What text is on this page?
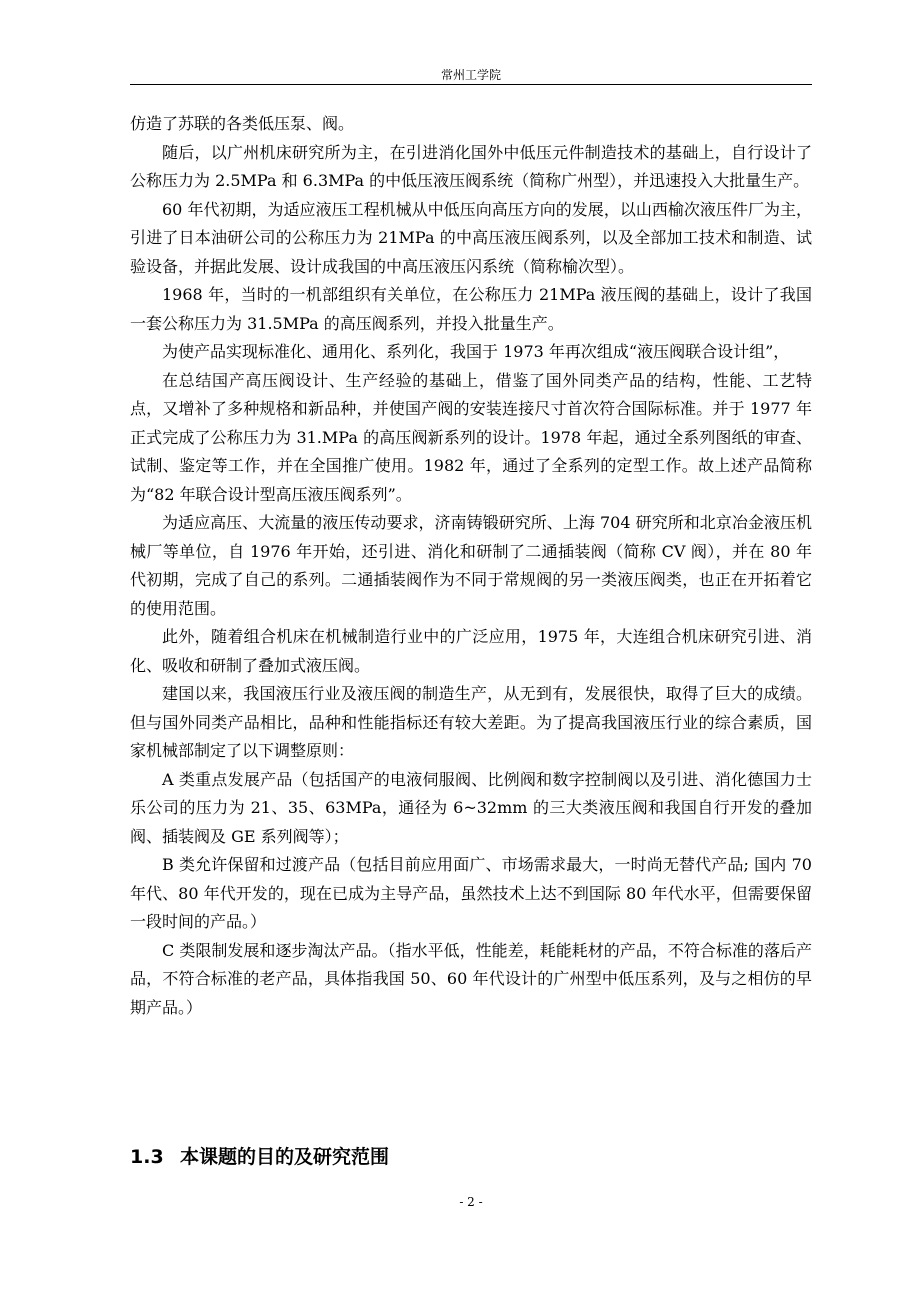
常州工学院

仿造了苏联的各类低压泵、阀。

随后，以广州机床研究所为主，在引进消化国外中低压元件制造技术的基础上，自行设计了公称压力为 2.5MPa 和 6.3MPa 的中低压液压阀系统（简称广州型），并迅速投入大批量生产。

60 年代初期，为适应液压工程机械从中低压向高压方向的发展，以山西榆次液压件厂为主，引进了日本油研公司的公称压力为 21MPa 的中高压液压阀系列，以及全部加工技术和制造、试验设备，并据此发展、设计成我国的中高压液压闪系统（简称榆次型）。

1968 年，当时的一机部组织有关单位，在公称压力 21MPa 液压阀的基础上，设计了我国一套公称压力为 31.5MPa 的高压阀系列，并投入批量生产。

为使产品实现标准化、通用化、系列化，我国于 1973 年再次组成“液压阀联合设计组”，

在总结国产高压阀设计、生产经验的基础上，借鉴了国外同类产品的结构，性能、工艺特点，又增补了多种规格和新品种，并使国产阀的安装连接尺寸首次符合国际标准。并于 1977 年正式完成了公称压力为 31.MPa 的高压阀新系列的设计。1978 年起，通过全系列图纸的审查、试制、鉴定等工作，并在全国推广使用。1982 年，通过了全系列的定型工作。故上述产品简称为“82 年联合设计型高压液压阀系列”。

为适应高压、大流量的液压传动要求，济南铸锻研究所、上海 704 研究所和北京冶金液压机械厂等单位，自 1976 年开始，还引进、消化和研制了二通插装阀（简称 CV 阀），并在 80 年代初期，完成了自己的系列。二通插装阀作为不同于常规阀的另一类液压阀类，也正在开拓着它的使用范围。

此外，随着组合机床在机械制造行业中的广泛应用，1975 年，大连组合机床研究引进、消化、吸收和研制了叠加式液压阀。

建国以来，我国液压行业及液压阀的制造生产，从无到有，发展很快，取得了巨大的成绩。但与国外同类产品相比，品种和性能指标还有较大差距。为了提高我国液压行业的综合素质，国家机械部制定了以下调整原则：

A 类重点发展产品（包括国产的电液伺服阀、比例阀和数字控制阀以及引进、消化德国力士乐公司的压力为 21、35、63MPa，通径为 6~32mm 的三大类液压阀和我国自行开发的叠加阀、插装阀及 GE 系列阀等）；

B 类允许保留和过渡产品（包括目前应用面广、市场需求最大，一时尚无替代产品; 国内 70 年代、80 年代开发的，现在已成为主导产品，虽然技术上达不到国际 80 年代水平，但需要保留一段时间的产品。）

C 类限制发展和逐步淘汰产品。（指水平低，性能差，耗能耗材的产品，不符合标准的落后产品，不符合标准的老产品，具体指我国 50、60 年代设计的广州型中低压系列，及与之相仿的早期产品。）

1.3 本课题的目的及研究范围
- 2 -
